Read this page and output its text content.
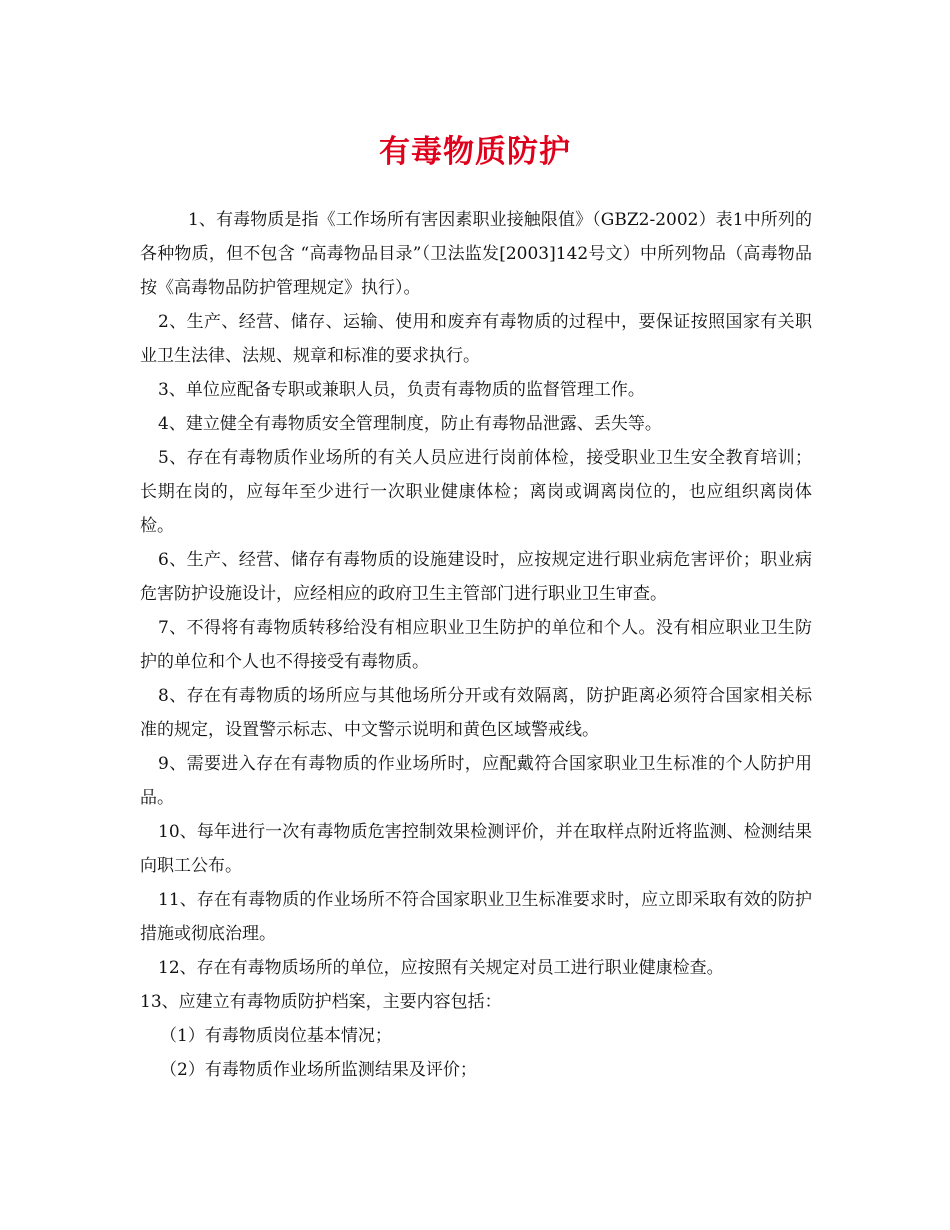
有毒物质防护

1、有毒物质是指《工作场所有害因素职业接触限值》（GBZ2-2002）表1中所列的各种物质，但不包含 “高毒物品目录”（卫法监发[2003]142号文）中所列物品（高毒物品按《高毒物品防护管理规定》执行）。

2、生产、经营、储存、运输、使用和废弃有毒物质的过程中，要保证按照国家有关职业卫生法律、法规、规章和标准的要求执行。

3、单位应配备专职或兼职人员，负责有毒物质的监督管理工作。

4、建立健全有毒物质安全管理制度，防止有毒物品泄露、丢失等。

5、存在有毒物质作业场所的有关人员应进行岗前体检，接受职业卫生安全教育培训；长期在岗的，应每年至少进行一次职业健康体检；离岗或调离岗位的，也应组织离岗体检。

6、生产、经营、储存有毒物质的设施建设时，应按规定进行职业病危害评价；职业病危害防护设施设计，应经相应的政府卫生主管部门进行职业卫生审查。

7、不得将有毒物质转移给没有相应职业卫生防护的单位和个人。没有相应职业卫生防护的单位和个人也不得接受有毒物质。

8、存在有毒物质的场所应与其他场所分开或有效隔离，防护距离必须符合国家相关标准的规定，设置警示标志、中文警示说明和黄色区域警戒线。

9、需要进入存在有毒物质的作业场所时，应配戴符合国家职业卫生标准的个人防护用品。

10、每年进行一次有毒物质危害控制效果检测评价，并在取样点附近将监测、检测结果向职工公布。

11、存在有毒物质的作业场所不符合国家职业卫生标准要求时，应立即采取有效的防护措施或彻底治理。

12、存在有毒物质场所的单位，应按照有关规定对员工进行职业健康检查。

13、应建立有毒物质防护档案，主要内容包括：

（1）有毒物质岗位基本情况；

（2）有毒物质作业场所监测结果及评价；
